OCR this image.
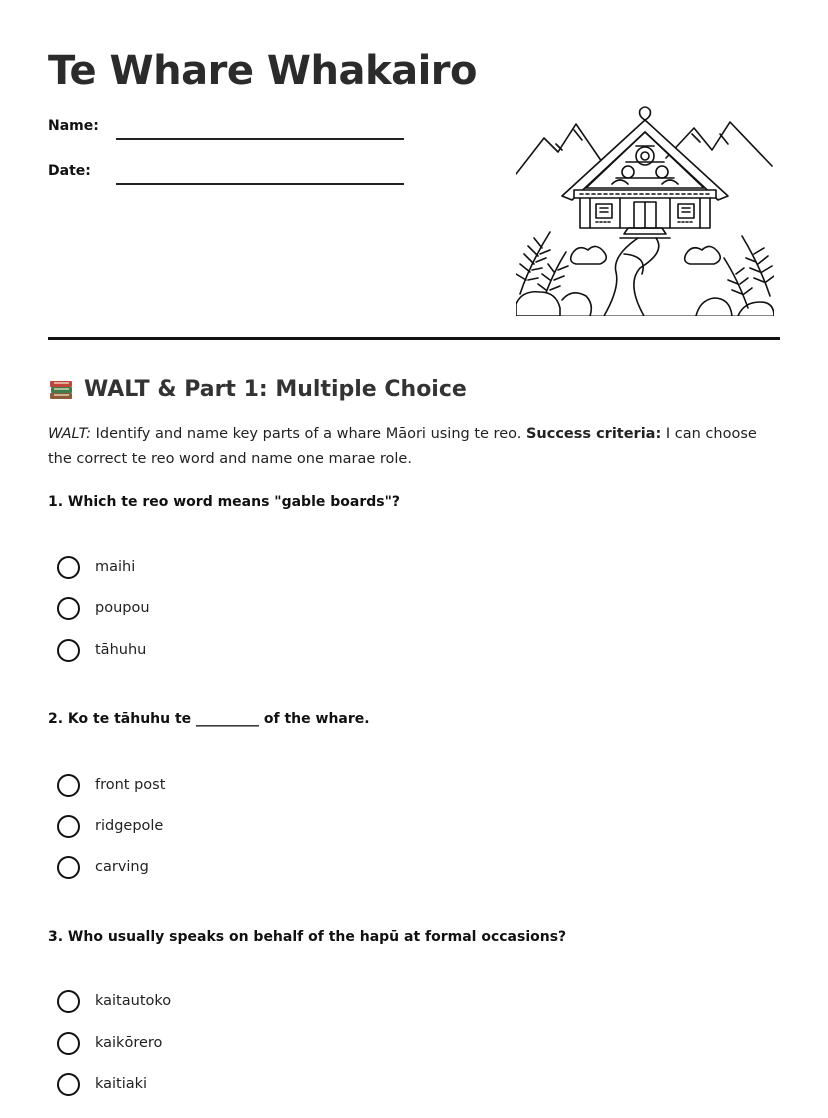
Te Whare Whakairo
Name:
Date:
WALT & Part 1: Multiple Choice

WALT: Identify and name key parts of a whare Māori using te reo. Success criteria: I can choose the correct te reo word and name one marae role.

1. Which te reo word means "gable boards"?
maihi
poupou
tāhuhu
2. Ko te tāhuhu te _________ of the whare.
front post
ridgepole
carving
3. Who usually speaks on behalf of the hapū at formal occasions?
kaitautoko
kaikōrero
kaitiaki
